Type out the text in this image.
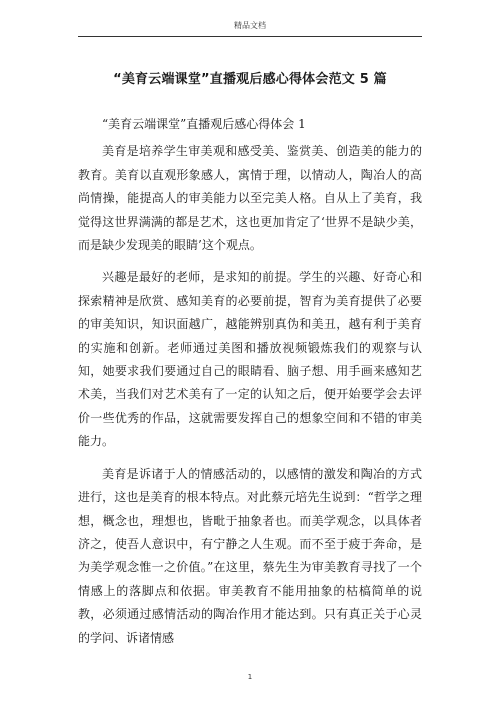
精品文档
“美育云端课堂”直播观后感心得体会范文 5 篇

“美育云端课堂”直播观后感心得体会 1

美育是培养学生审美观和感受美、鉴赏美、创造美的能力的教育。美育以直观形象感人，寓情于理，以情动人，陶冶人的高尚情操，能提高人的审美能力以至完美人格。自从上了美育，我觉得这世界满满的都是艺术，这也更加肯定了‘世界不是缺少美，而是缺少发现美的眼睛’这个观点。

兴趣是最好的老师，是求知的前提。学生的兴趣、好奇心和探索精神是欣赏、感知美育的必要前提，智育为美育提供了必要的审美知识，知识面越广，越能辨别真伪和美丑，越有利于美育的实施和创新。老师通过美图和播放视频锻炼我们的观察与认知，她要求我们要通过自己的眼睛看、脑子想、用手画来感知艺术美，当我们对艺术美有了一定的认知之后，便开始要学会去评价一些优秀的作品，这就需要发挥自己的想象空间和不错的审美能力。

美育是诉诸于人的情感活动的，以感情的激发和陶冶的方式进行，这也是美育的根本特点。对此蔡元培先生说到：“哲学之理想，概念也，理想也，皆毗于抽象者也。而美学观念，以具体者济之，使吾人意识中，有宁静之人生观。而不至于疲于奔命，是为美学观念惟一之价值。”在这里，蔡先生为审美教育寻找了一个情感上的落脚点和依据。审美教育不能用抽象的枯槁简单的说教，必须通过感情活动的陶冶作用才能达到。只有真正关于心灵的学问、诉诸情感

1
